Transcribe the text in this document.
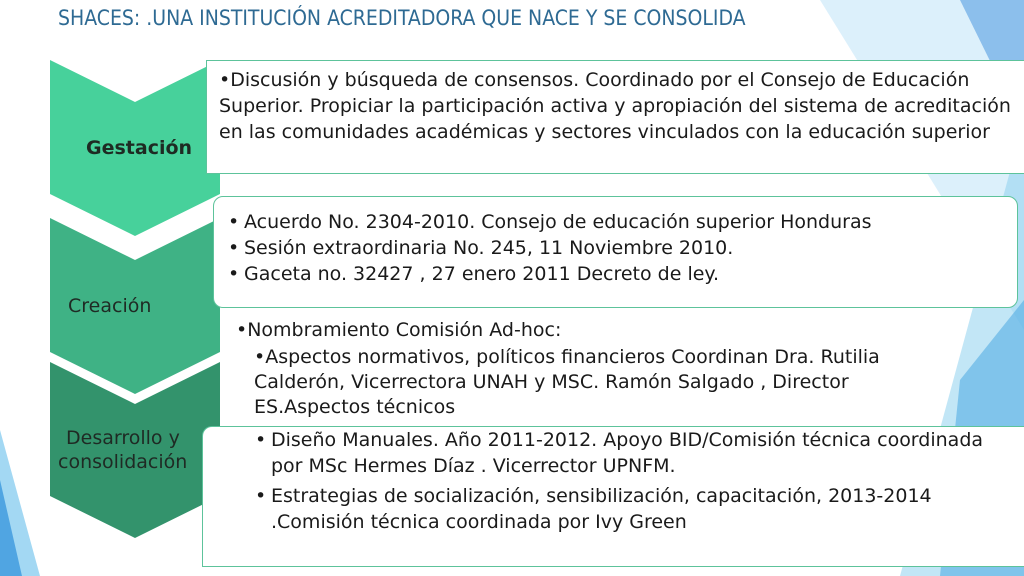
SHACES: .UNA INSTITUCIÓN ACREDITADORA QUE NACE Y SE CONSOLIDA
Gestación
Creación
Desarrollo y
consolidación

•Discusión y búsqueda de consensos. Coordinado por el Consejo de Educación Superior. Propiciar la participación activa y apropiación del sistema de acreditación en las comunidades académicas y sectores vinculados con la educación superior

• Acuerdo No. 2304-2010. Consejo de educación superior Honduras
• Sesión extraordinaria No. 245, 11 Noviembre 2010.
• Gaceta no. 32427 , 27 enero 2011 Decreto de ley.
•Nombramiento Comisión Ad-hoc:
•Aspectos normativos, políticos financieros Coordinan Dra. Rutilia Calderón, Vicerrectora UNAH y MSC. Ramón Salgado , Director ES.Aspectos técnicos
• Diseño Manuales. Año 2011-2012. Apoyo BID/Comisión técnica coordinada por MSc Hermes Díaz . Vicerrector UPNFM.
• Estrategias de socialización, sensibilización, capacitación, 2013-2014 .Comisión técnica coordinada por Ivy Green
